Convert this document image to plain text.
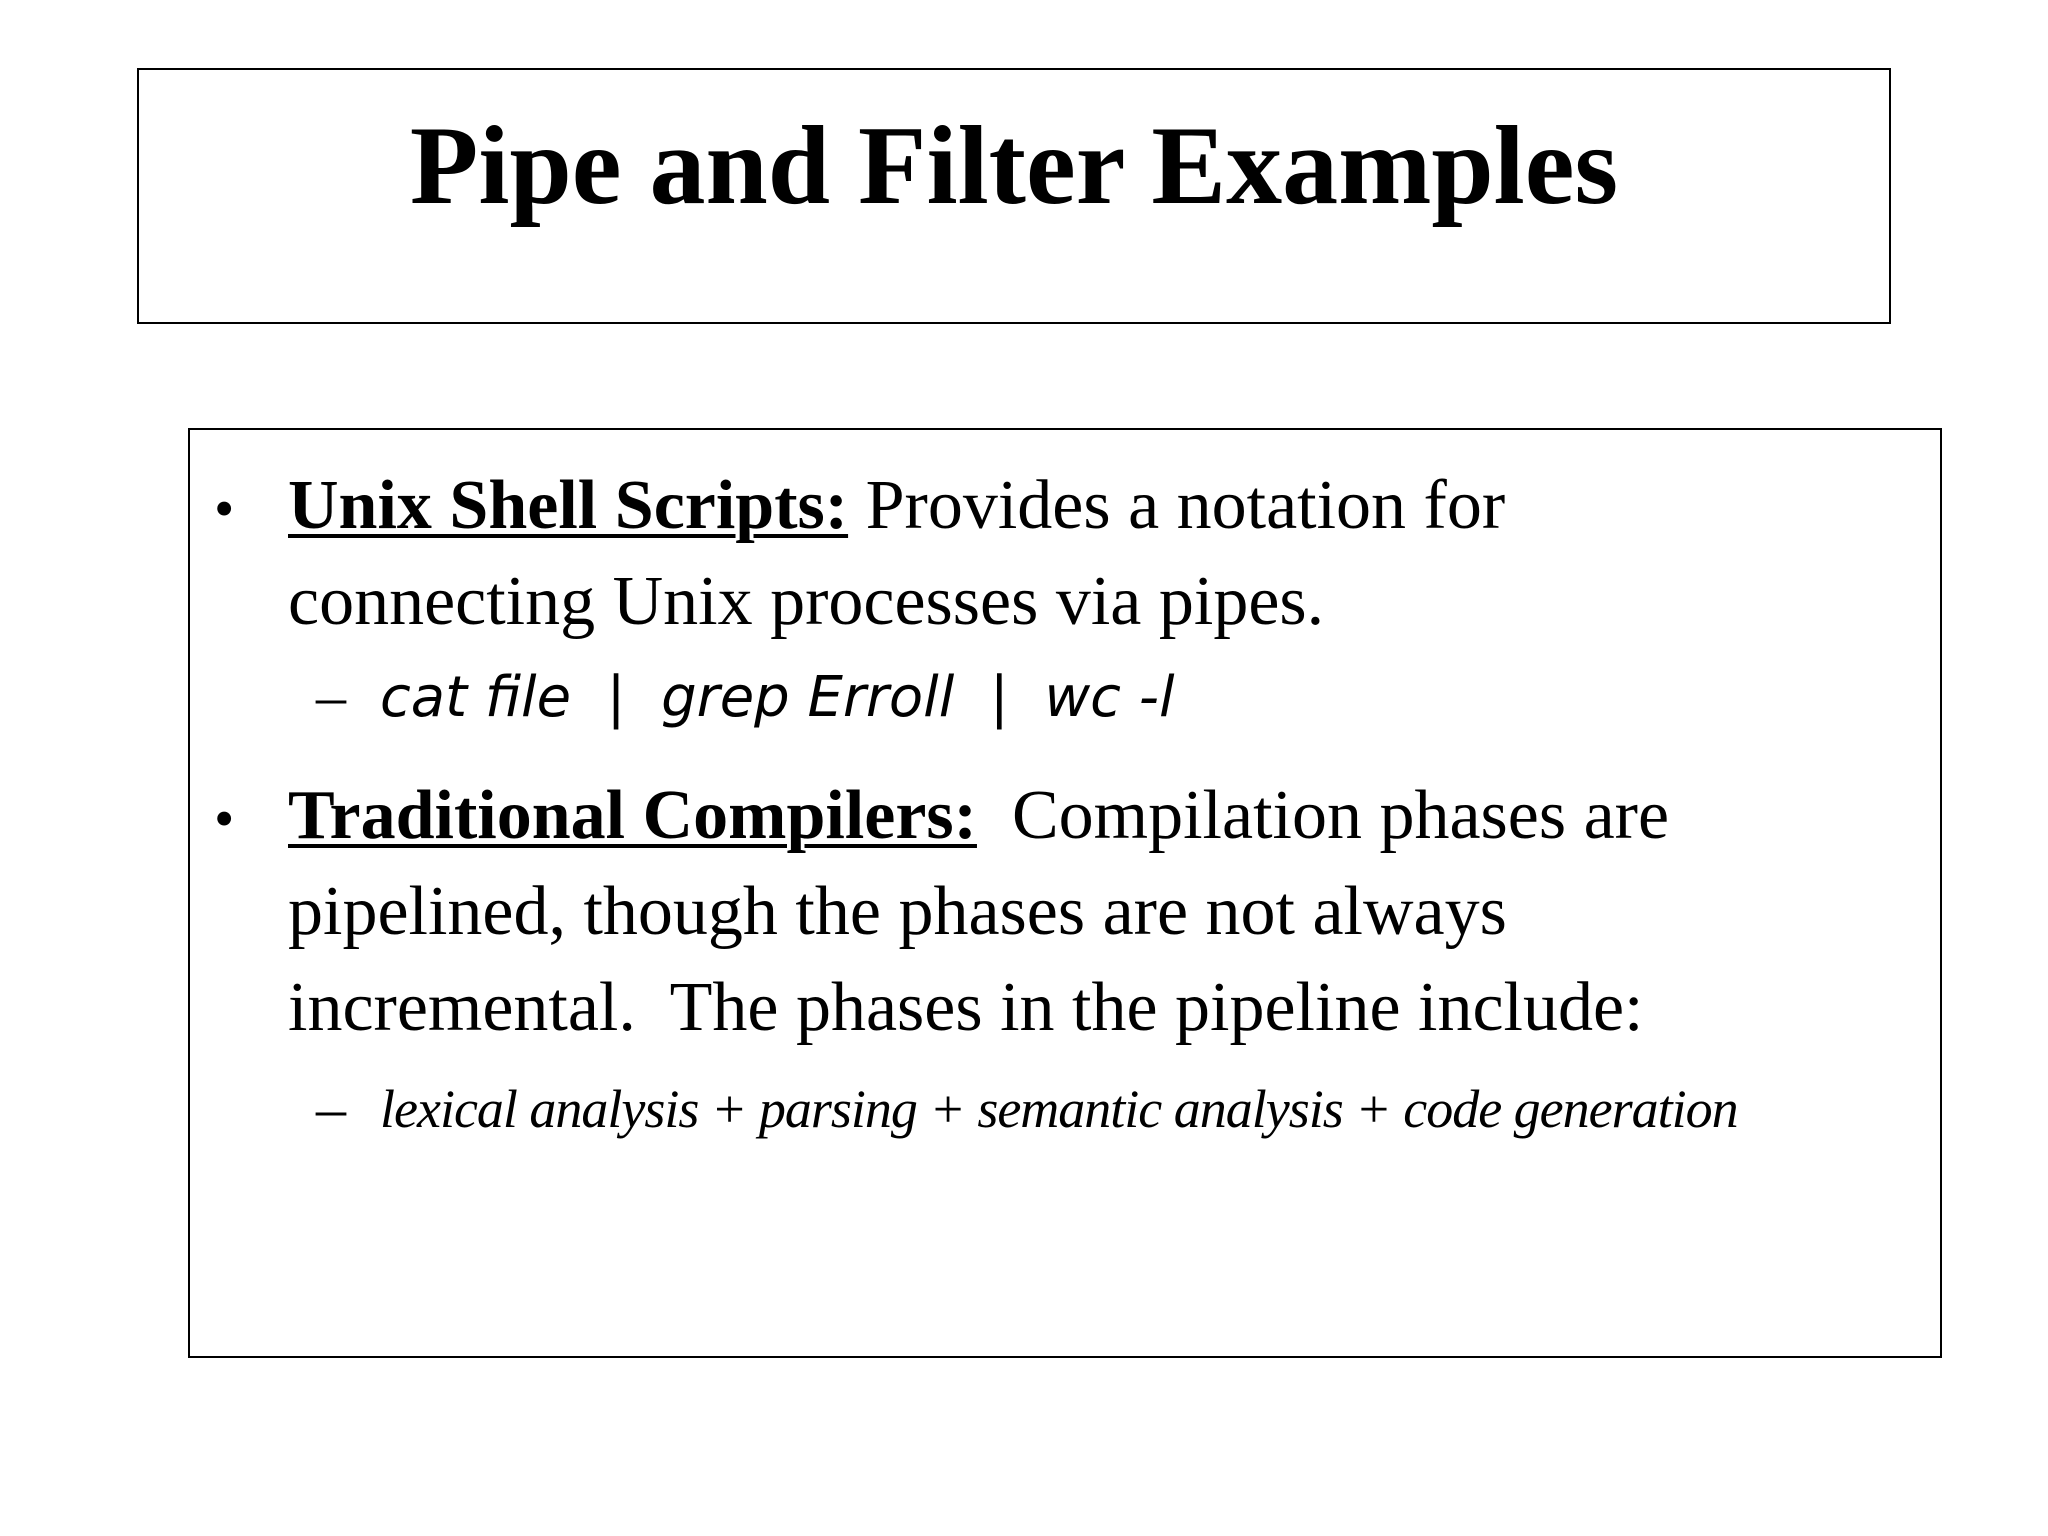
Pipe and Filter Examples
• Unix Shell Scripts: Provides a notation for
connecting Unix processes via pipes.
– cat file  |  grep Erroll  |  wc -l
• Traditional Compilers:  Compilation phases are
pipelined, though the phases are not always
incremental.  The phases in the pipeline include:
– lexical analysis + parsing + semantic analysis + code generation
